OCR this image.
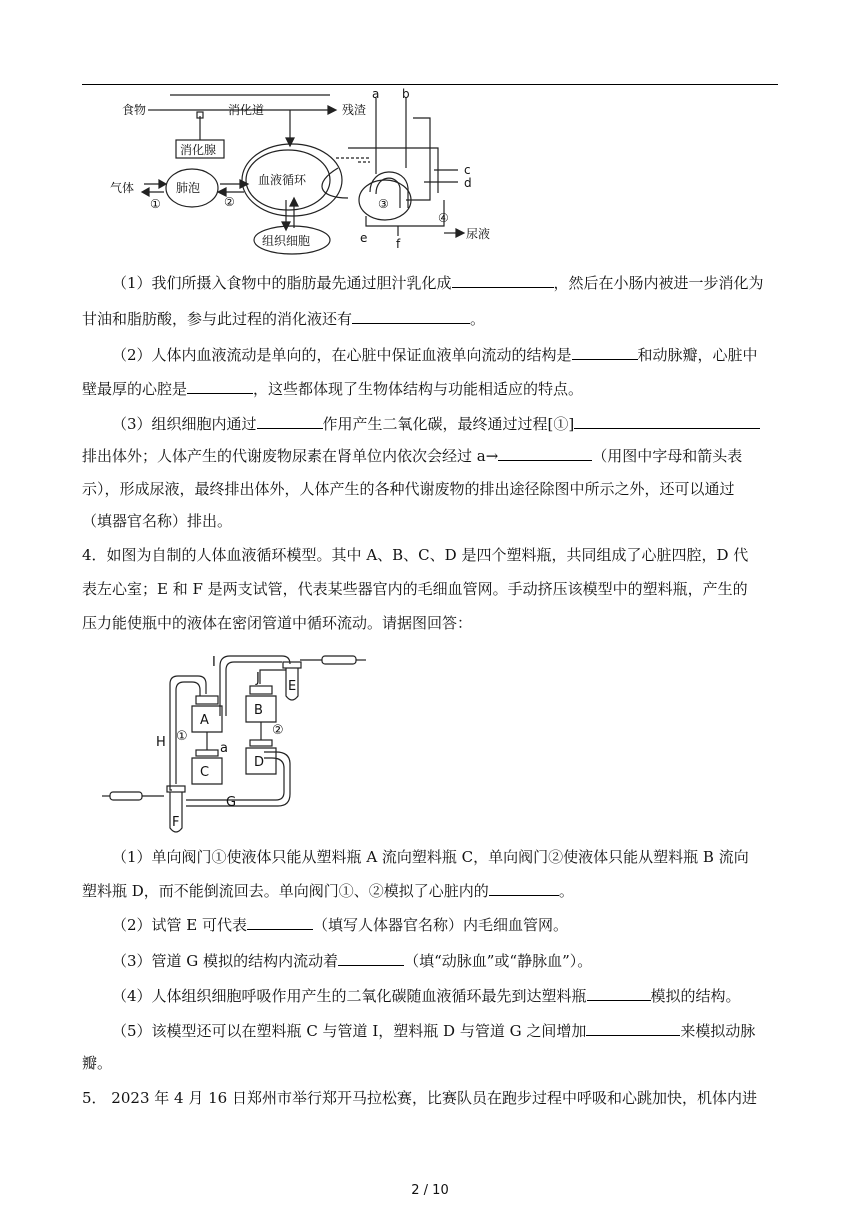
食物	消化道	残渣
消化腺
气体	肺泡
血液循环
组织细胞	尿液
a b
c
d
e f
①	②	③
④
（1）我们所摄入食物中的脂肪最先通过胆汁乳化成	，然后在小肠内被进一步消化为
甘油和脂肪酸，参与此过程的消化液还有	。
（2）人体内血液流动是单向的，在心脏中保证血液单向流动的结构是	和动脉瓣，心脏中
壁最厚的心腔是	，这些都体现了生物体结构与功能相适应的特点。
（3）组织细胞内通过	作用产生二氧化碳，最终通过过程[①]
排出体外；人体产生的代谢废物尿素在肾单位内依次会经过 a→	（用图中字母和箭头表
示），形成尿液，最终排出体外，人体产生的各种代谢废物的排出途径除图中所示之外，还可以通过
（填器官名称）排出。
4．如图为自制的人体血液循环模型。其中 A、B、C、D 是四个塑料瓶，共同组成了心脏四腔，D 代
表左心室；E 和 F 是两支试管，代表某些器官内的毛细血管网。手动挤压该模型中的塑料瓶，产生的
压力能使瓶中的液体在密闭管道中循环流动。请据图回答：
A
C
B
D
E
F
G
H
I
J
a
①	②
（1）单向阀门①使液体只能从塑料瓶 A 流向塑料瓶 C，单向阀门②使液体只能从塑料瓶 B 流向
塑料瓶 D，而不能倒流回去。单向阀门①、②模拟了心脏内的	。
（2）试管 E 可代表	（填写人体器官名称）内毛细血管网。
（3）管道 G 模拟的结构内流动着	（填“动脉血”或“静脉血”）。
（4）人体组织细胞呼吸作用产生的二氧化碳随血液循环最先到达塑料瓶	模拟的结构。
（5）该模型还可以在塑料瓶 C 与管道 I，塑料瓶 D 与管道 G 之间增加	来模拟动脉
瓣。
5． 2023 年 4 月 16 日郑州市举行郑开马拉松赛，比赛队员在跑步过程中呼吸和心跳加快，机体内进
2 / 10
